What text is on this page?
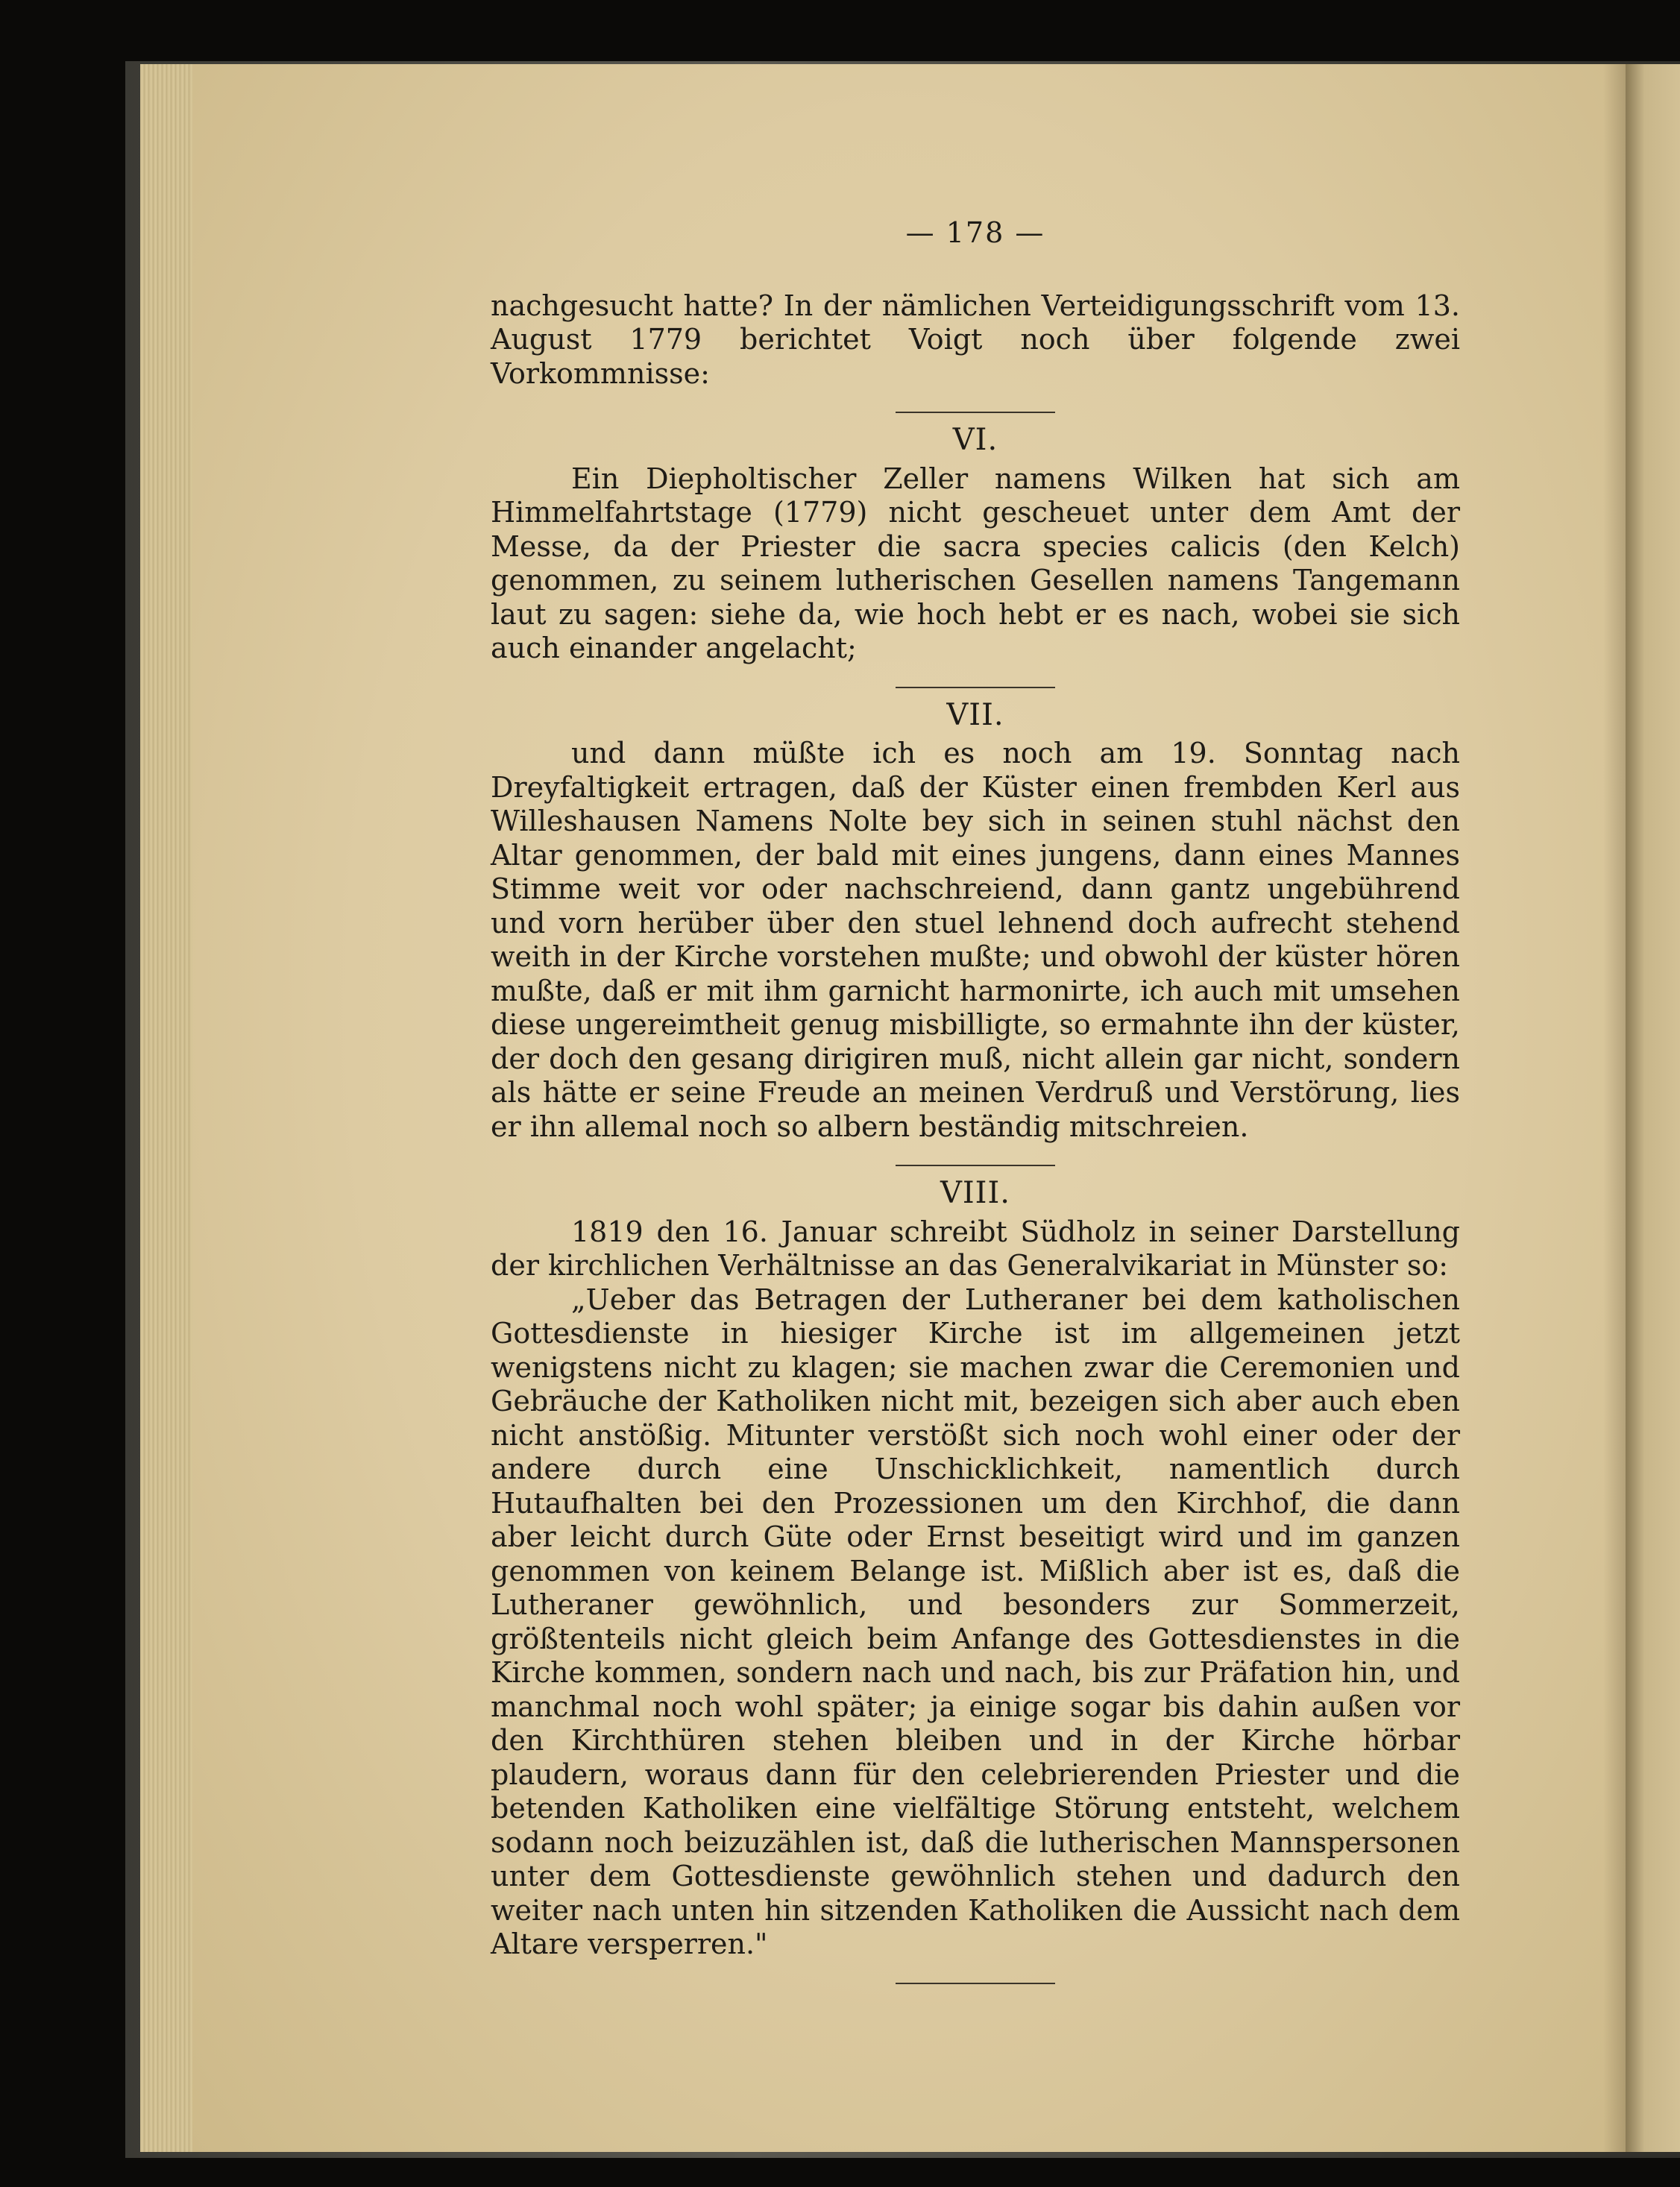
— 178 —

nachgesucht hatte? In der nämlichen Verteidigungsschrift vom 13. August 1779 berichtet Voigt noch über folgende zwei Vorkommnisse:

VI.

Ein Diepholtischer Zeller namens Wilken hat sich am Himmelfahrtstage (1779) nicht gescheuet unter dem Amt der Messe, da der Priester die sacra species calicis (den Kelch) genommen, zu seinem lutherischen Gesellen namens Tangemann laut zu sagen: siehe da, wie hoch hebt er es nach, wobei sie sich auch einander angelacht;

VII.

und dann müßte ich es noch am 19. Sonntag nach Dreyfaltigkeit ertragen, daß der Küster einen frembden Kerl aus Willeshausen Namens Nolte bey sich in seinen stuhl nächst den Altar genommen, der bald mit eines jungens, dann eines Mannes Stimme weit vor oder nachschreiend, dann gantz ungebührend und vorn herüber über den stuel lehnend doch aufrecht stehend weith in der Kirche vorstehen mußte; und obwohl der küster hören mußte, daß er mit ihm garnicht harmonirte, ich auch mit umsehen diese ungereimtheit genug misbilligte, so ermahnte ihn der küster, der doch den gesang dirigiren muß, nicht allein gar nicht, sondern als hätte er seine Freude an meinen Verdruß und Verstörung, lies er ihn allemal noch so albern beständig mitschreien.

VIII.

1819 den 16. Januar schreibt Südholz in seiner Darstellung der kirchlichen Verhältnisse an das Generalvikariat in Münster so:

„Ueber das Betragen der Lutheraner bei dem katholischen Gottesdienste in hiesiger Kirche ist im allgemeinen jetzt wenigstens nicht zu klagen; sie machen zwar die Ceremonien und Gebräuche der Katholiken nicht mit, bezeigen sich aber auch eben nicht anstößig. Mitunter verstößt sich noch wohl einer oder der andere durch eine Unschicklichkeit, namentlich durch Hutaufhalten bei den Prozessionen um den Kirchhof, die dann aber leicht durch Güte oder Ernst beseitigt wird und im ganzen genommen von keinem Belange ist. Mißlich aber ist es, daß die Lutheraner gewöhnlich, und besonders zur Sommerzeit, größtenteils nicht gleich beim Anfange des Gottesdienstes in die Kirche kommen, sondern nach und nach, bis zur Präfation hin, und manchmal noch wohl später; ja einige sogar bis dahin außen vor den Kirchthüren stehen bleiben und in der Kirche hörbar plaudern, woraus dann für den celebrierenden Priester und die betenden Katholiken eine vielfältige Störung entsteht, welchem sodann noch beizuzählen ist, daß die lutherischen Mannspersonen unter dem Gottesdienste gewöhnlich stehen und dadurch den weiter nach unten hin sitzenden Katholiken die Aussicht nach dem Altare versperren."
